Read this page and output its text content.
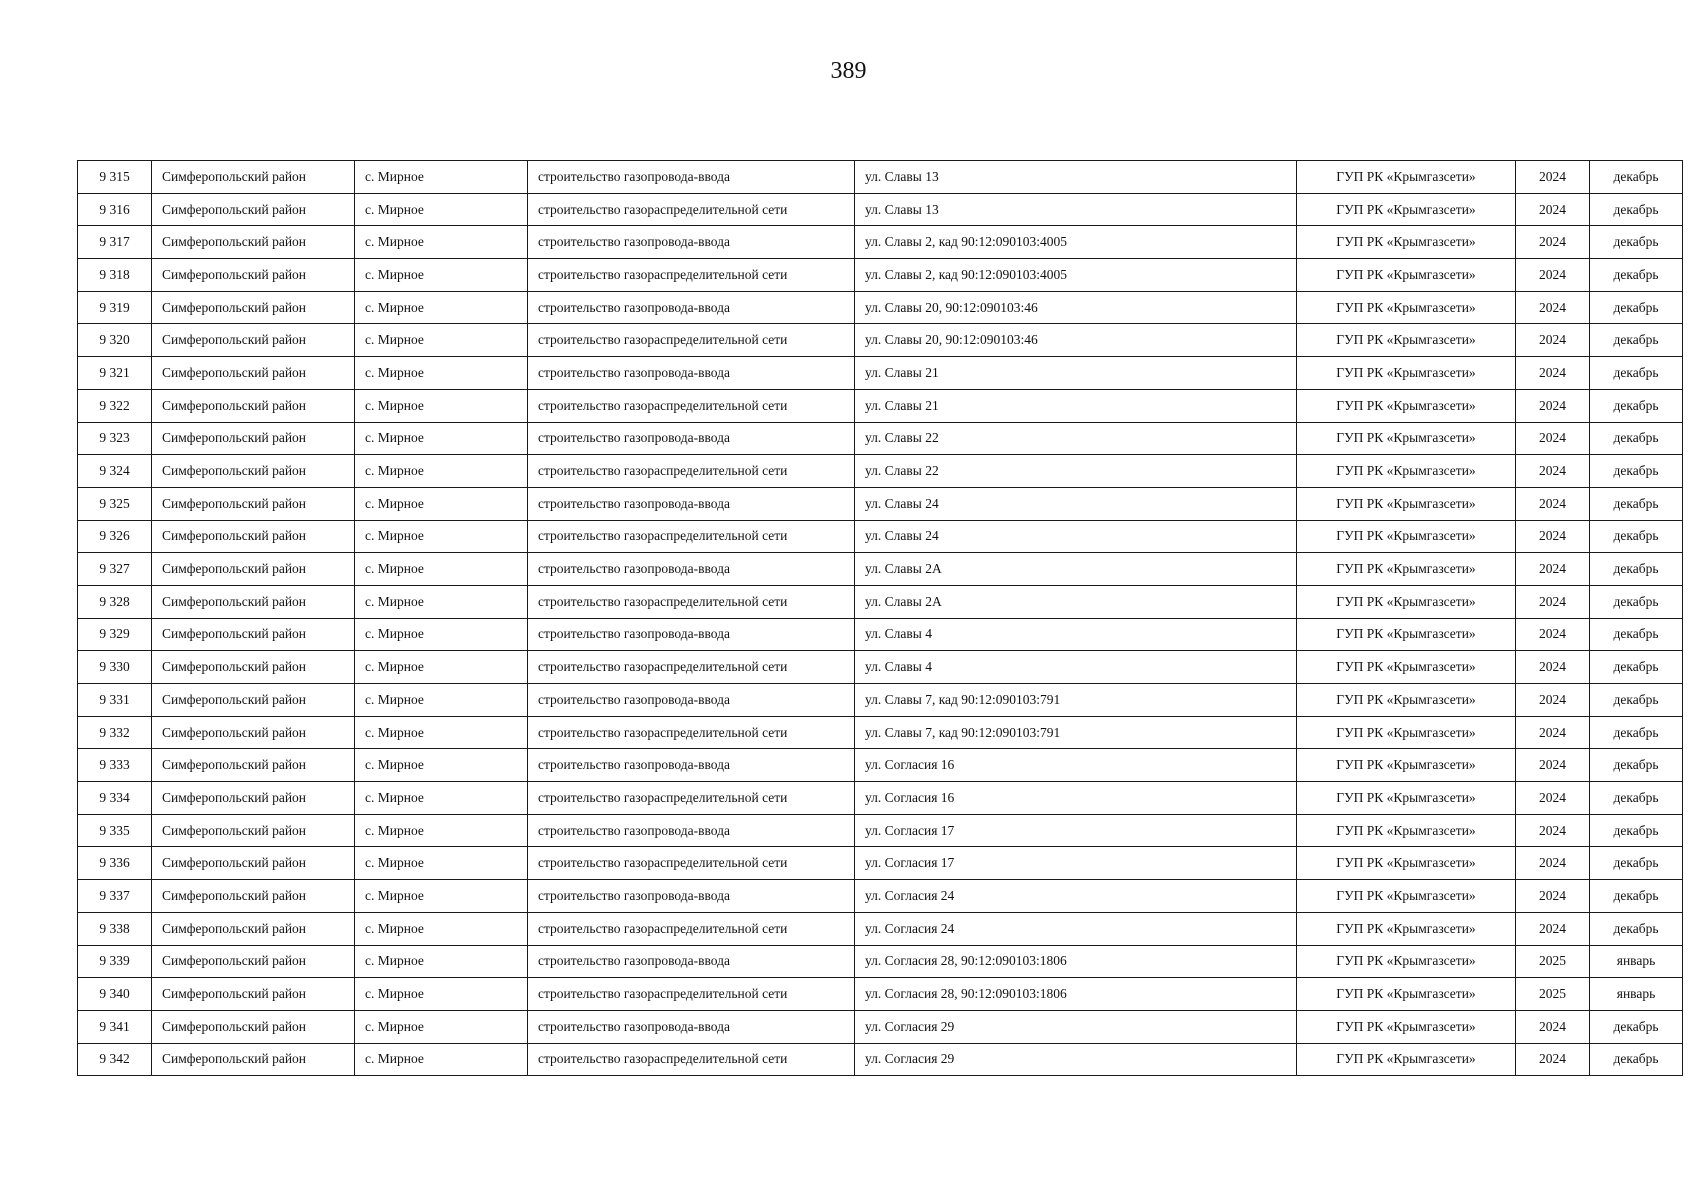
389
9 315	Симферопольский район	с. Мирное	строительство газопровода-ввода	ул. Славы 13	ГУП РК «Крымгазсети»	2024	декабрь
9 316	Симферопольский район	с. Мирное	строительство газораспределительной сети	ул. Славы 13	ГУП РК «Крымгазсети»	2024	декабрь
9 317	Симферопольский район	с. Мирное	строительство газопровода-ввода	ул. Славы 2, кад 90:12:090103:4005	ГУП РК «Крымгазсети»	2024	декабрь
9 318	Симферопольский район	с. Мирное	строительство газораспределительной сети	ул. Славы 2, кад 90:12:090103:4005	ГУП РК «Крымгазсети»	2024	декабрь
9 319	Симферопольский район	с. Мирное	строительство газопровода-ввода	ул. Славы 20, 90:12:090103:46	ГУП РК «Крымгазсети»	2024	декабрь
9 320	Симферопольский район	с. Мирное	строительство газораспределительной сети	ул. Славы 20, 90:12:090103:46	ГУП РК «Крымгазсети»	2024	декабрь
9 321	Симферопольский район	с. Мирное	строительство газопровода-ввода	ул. Славы 21	ГУП РК «Крымгазсети»	2024	декабрь
9 322	Симферопольский район	с. Мирное	строительство газораспределительной сети	ул. Славы 21	ГУП РК «Крымгазсети»	2024	декабрь
9 323	Симферопольский район	с. Мирное	строительство газопровода-ввода	ул. Славы 22	ГУП РК «Крымгазсети»	2024	декабрь
9 324	Симферопольский район	с. Мирное	строительство газораспределительной сети	ул. Славы 22	ГУП РК «Крымгазсети»	2024	декабрь
9 325	Симферопольский район	с. Мирное	строительство газопровода-ввода	ул. Славы 24	ГУП РК «Крымгазсети»	2024	декабрь
9 326	Симферопольский район	с. Мирное	строительство газораспределительной сети	ул. Славы 24	ГУП РК «Крымгазсети»	2024	декабрь
9 327	Симферопольский район	с. Мирное	строительство газопровода-ввода	ул. Славы 2А	ГУП РК «Крымгазсети»	2024	декабрь
9 328	Симферопольский район	с. Мирное	строительство газораспределительной сети	ул. Славы 2А	ГУП РК «Крымгазсети»	2024	декабрь
9 329	Симферопольский район	с. Мирное	строительство газопровода-ввода	ул. Славы 4	ГУП РК «Крымгазсети»	2024	декабрь
9 330	Симферопольский район	с. Мирное	строительство газораспределительной сети	ул. Славы 4	ГУП РК «Крымгазсети»	2024	декабрь
9 331	Симферопольский район	с. Мирное	строительство газопровода-ввода	ул. Славы 7, кад 90:12:090103:791	ГУП РК «Крымгазсети»	2024	декабрь
9 332	Симферопольский район	с. Мирное	строительство газораспределительной сети	ул. Славы 7, кад 90:12:090103:791	ГУП РК «Крымгазсети»	2024	декабрь
9 333	Симферопольский район	с. Мирное	строительство газопровода-ввода	ул. Согласия 16	ГУП РК «Крымгазсети»	2024	декабрь
9 334	Симферопольский район	с. Мирное	строительство газораспределительной сети	ул. Согласия 16	ГУП РК «Крымгазсети»	2024	декабрь
9 335	Симферопольский район	с. Мирное	строительство газопровода-ввода	ул. Согласия 17	ГУП РК «Крымгазсети»	2024	декабрь
9 336	Симферопольский район	с. Мирное	строительство газораспределительной сети	ул. Согласия 17	ГУП РК «Крымгазсети»	2024	декабрь
9 337	Симферопольский район	с. Мирное	строительство газопровода-ввода	ул. Согласия 24	ГУП РК «Крымгазсети»	2024	декабрь
9 338	Симферопольский район	с. Мирное	строительство газораспределительной сети	ул. Согласия 24	ГУП РК «Крымгазсети»	2024	декабрь
9 339	Симферопольский район	с. Мирное	строительство газопровода-ввода	ул. Согласия 28, 90:12:090103:1806	ГУП РК «Крымгазсети»	2025	январь
9 340	Симферопольский район	с. Мирное	строительство газораспределительной сети	ул. Согласия 28, 90:12:090103:1806	ГУП РК «Крымгазсети»	2025	январь
9 341	Симферопольский район	с. Мирное	строительство газопровода-ввода	ул. Согласия 29	ГУП РК «Крымгазсети»	2024	декабрь
9 342	Симферопольский район	с. Мирное	строительство газораспределительной сети	ул. Согласия 29	ГУП РК «Крымгазсети»	2024	декабрь
